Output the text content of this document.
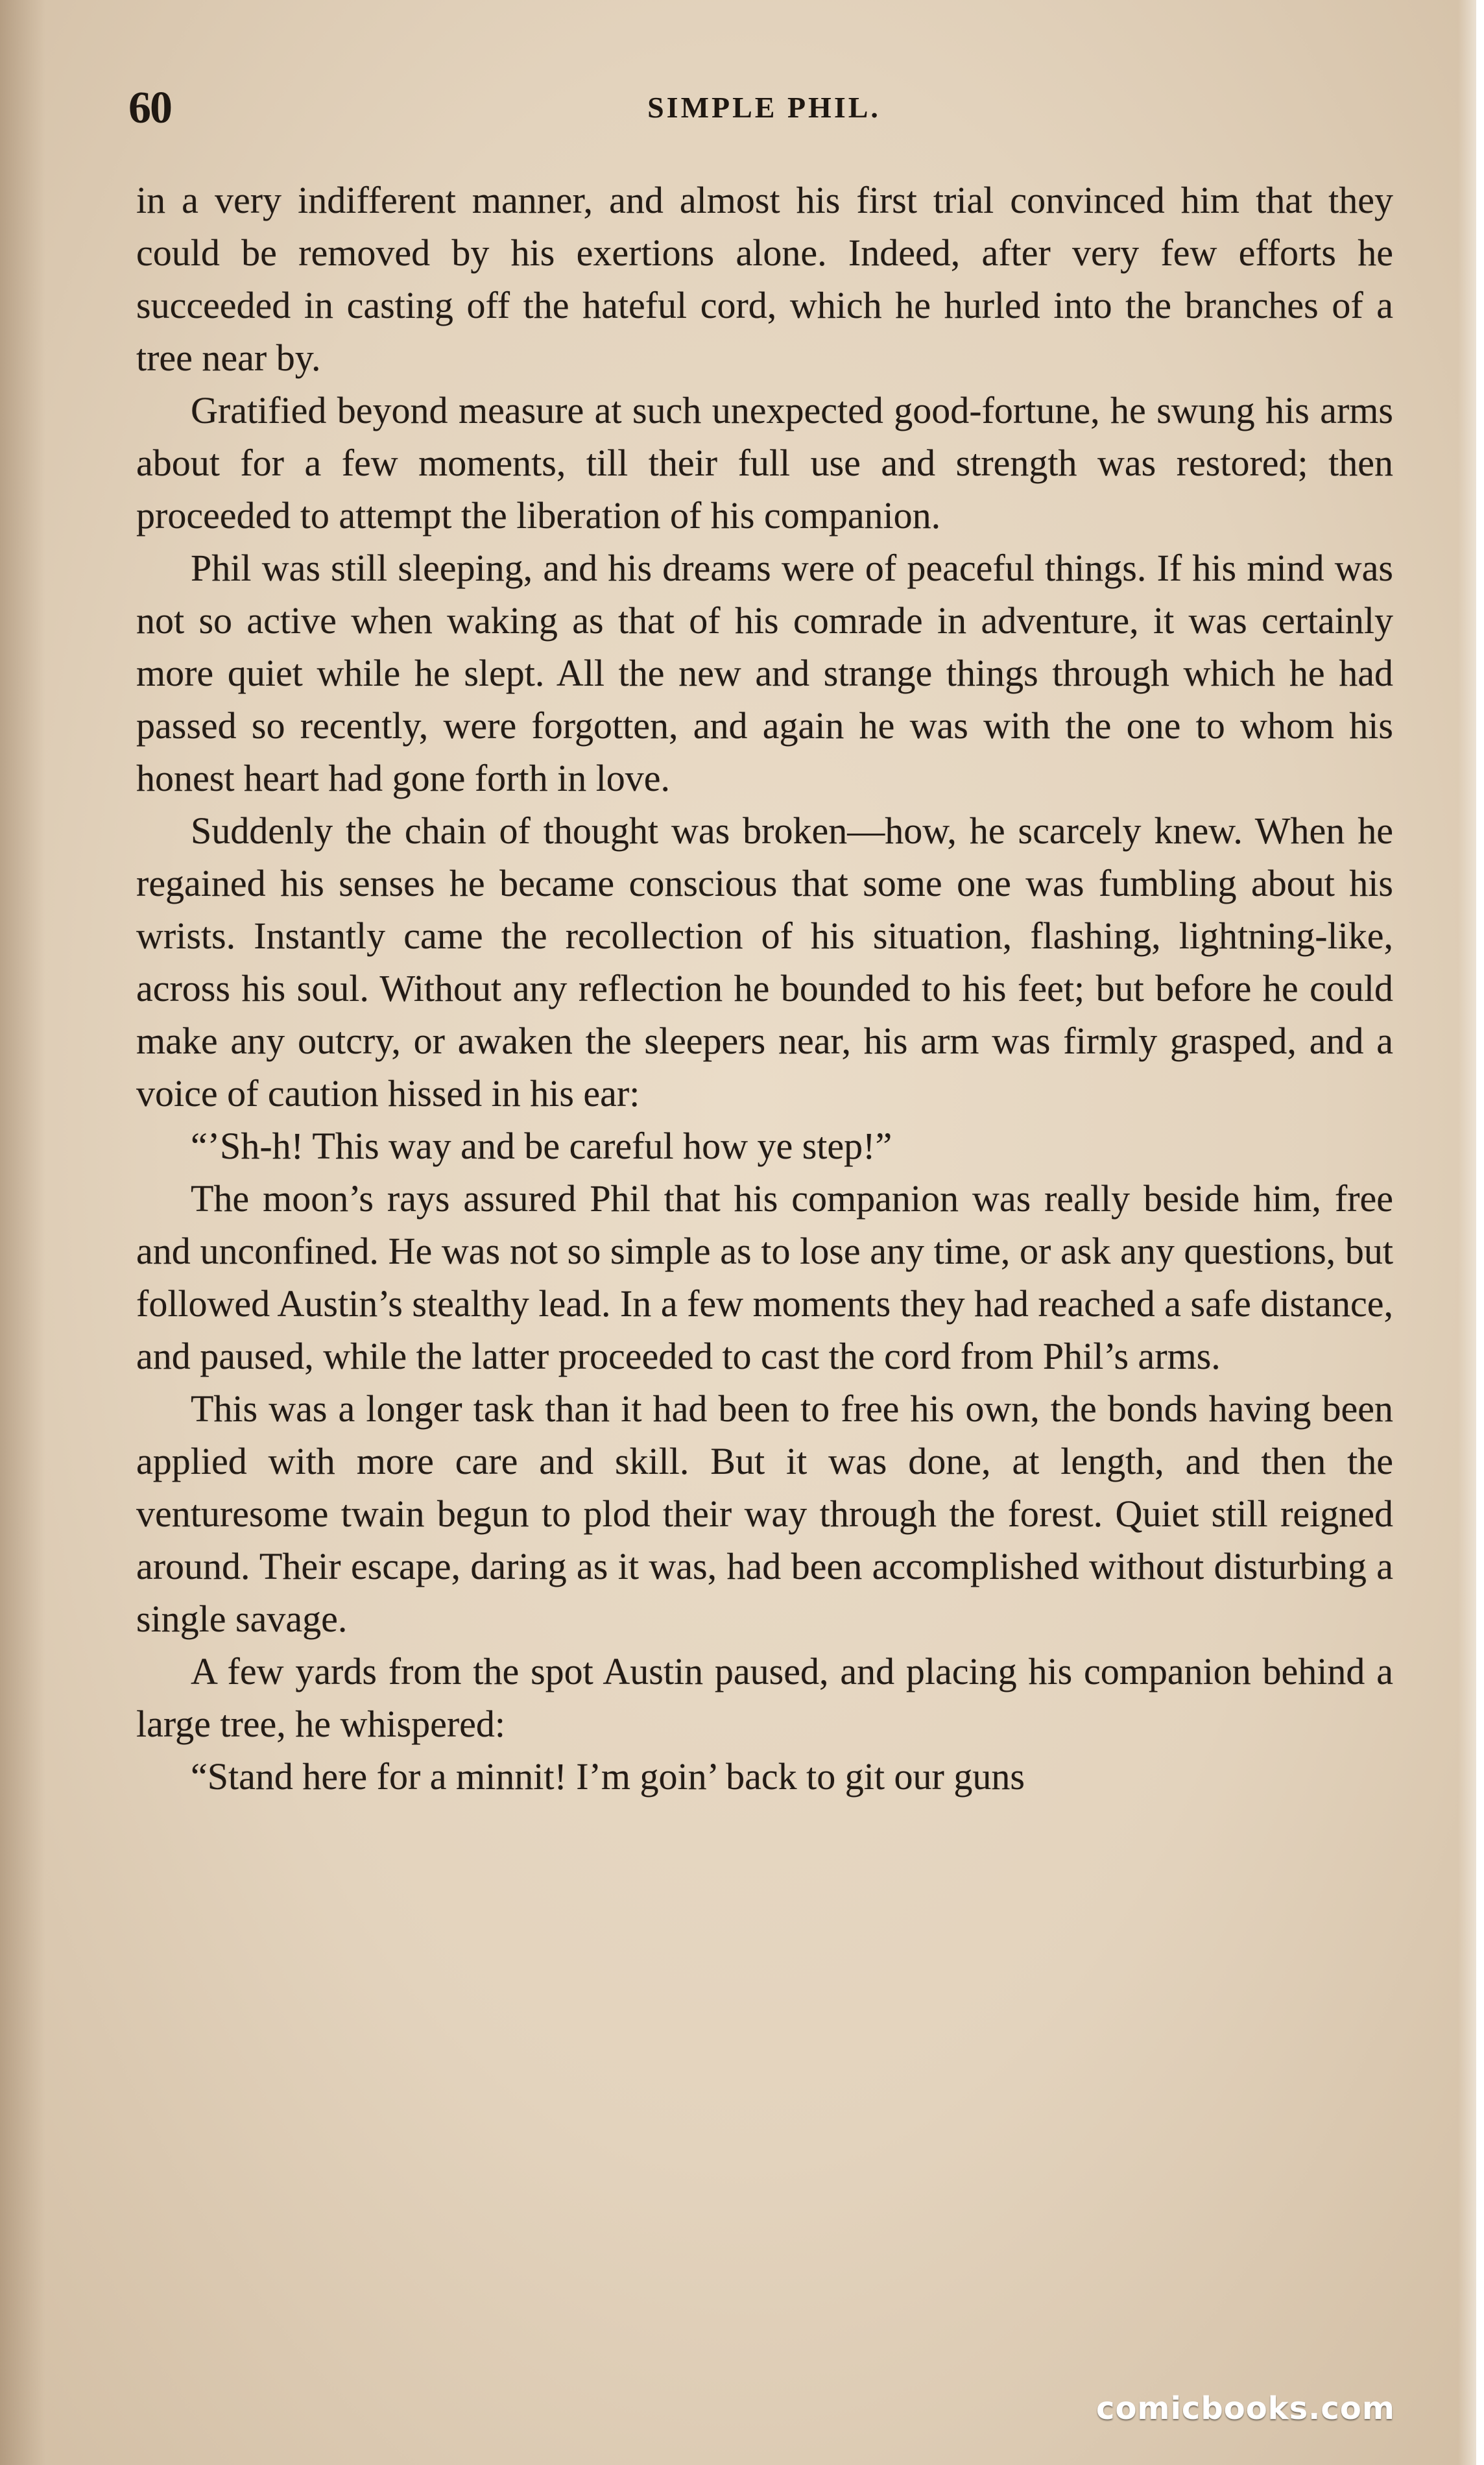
60	SIMPLE PHIL.

in a very indifferent manner, and almost his first trial convinced him that they could be removed by his exertions alone. Indeed, after very few efforts he succeeded in casting off the hateful cord, which he hurled into the branches of a tree near by.

Gratified beyond measure at such unexpected good-fortune, he swung his arms about for a few moments, till their full use and strength was restored; then proceeded to attempt the liberation of his companion.

Phil was still sleeping, and his dreams were of peaceful things. If his mind was not so active when waking as that of his comrade in adventure, it was certainly more quiet while he slept. All the new and strange things through which he had passed so recently, were forgotten, and again he was with the one to whom his honest heart had gone forth in love.

Suddenly the chain of thought was broken—how, he scarcely knew. When he regained his senses he became conscious that some one was fumbling about his wrists. Instantly came the recollection of his situation, flashing, lightning-like, across his soul. Without any reflection he bounded to his feet; but before he could make any outcry, or awaken the sleepers near, his arm was firmly grasped, and a voice of caution hissed in his ear:

“’Sh-h! This way and be careful how ye step!”

The moon’s rays assured Phil that his companion was really beside him, free and unconfined. He was not so simple as to lose any time, or ask any questions, but followed Austin’s stealthy lead. In a few moments they had reached a safe distance, and paused, while the latter proceeded to cast the cord from Phil’s arms.

This was a longer task than it had been to free his own, the bonds having been applied with more care and skill. But it was done, at length, and then the venturesome twain begun to plod their way through the forest. Quiet still reigned around. Their escape, daring as it was, had been accomplished without disturbing a single savage.

A few yards from the spot Austin paused, and placing his companion behind a large tree, he whispered:

“Stand here for a minnit! I’m goin’ back to git our guns

comicbooks.com
